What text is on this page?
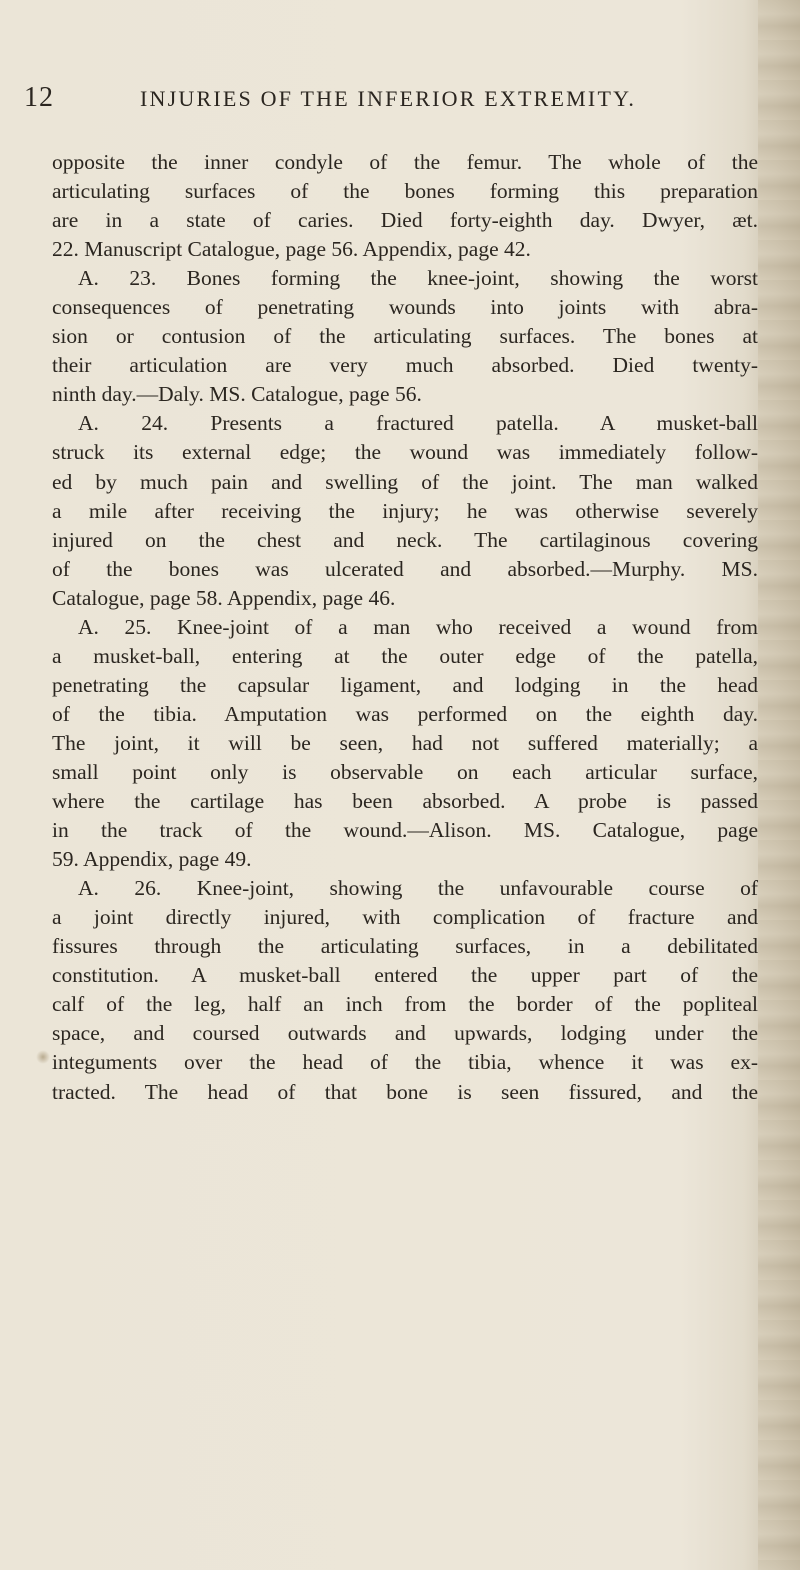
12	INJURIES OF THE INFERIOR EXTREMITY.
opposite the inner condyle of the femur. The whole of the
articulating surfaces of the bones forming this preparation
are in a state of caries. Died forty-eighth day. Dwyer, æt.
22. Manuscript Catalogue, page 56. Appendix, page 42.
A. 23. Bones forming the knee-joint, showing the worst
consequences of penetrating wounds into joints with abra-
sion or contusion of the articulating surfaces. The bones at
their articulation are very much absorbed. Died twenty-
ninth day.—Daly. MS. Catalogue, page 56.
A. 24. Presents a fractured patella. A musket-ball
struck its external edge; the wound was immediately follow-
ed by much pain and swelling of the joint. The man walked
a mile after receiving the injury; he was otherwise severely
injured on the chest and neck. The cartilaginous covering
of the bones was ulcerated and absorbed.—Murphy. MS.
Catalogue, page 58. Appendix, page 46.
A. 25. Knee-joint of a man who received a wound from
a musket-ball, entering at the outer edge of the patella,
penetrating the capsular ligament, and lodging in the head
of the tibia. Amputation was performed on the eighth day.
The joint, it will be seen, had not suffered materially; a
small point only is observable on each articular surface,
where the cartilage has been absorbed. A probe is passed
in the track of the wound.—Alison. MS. Catalogue, page
59. Appendix, page 49.
A. 26. Knee-joint, showing the unfavourable course of
a joint directly injured, with complication of fracture and
fissures through the articulating surfaces, in a debilitated
constitution. A musket-ball entered the upper part of the
calf of the leg, half an inch from the border of the popliteal
space, and coursed outwards and upwards, lodging under the
integuments over the head of the tibia, whence it was ex-
tracted. The head of that bone is seen fissured, and the
